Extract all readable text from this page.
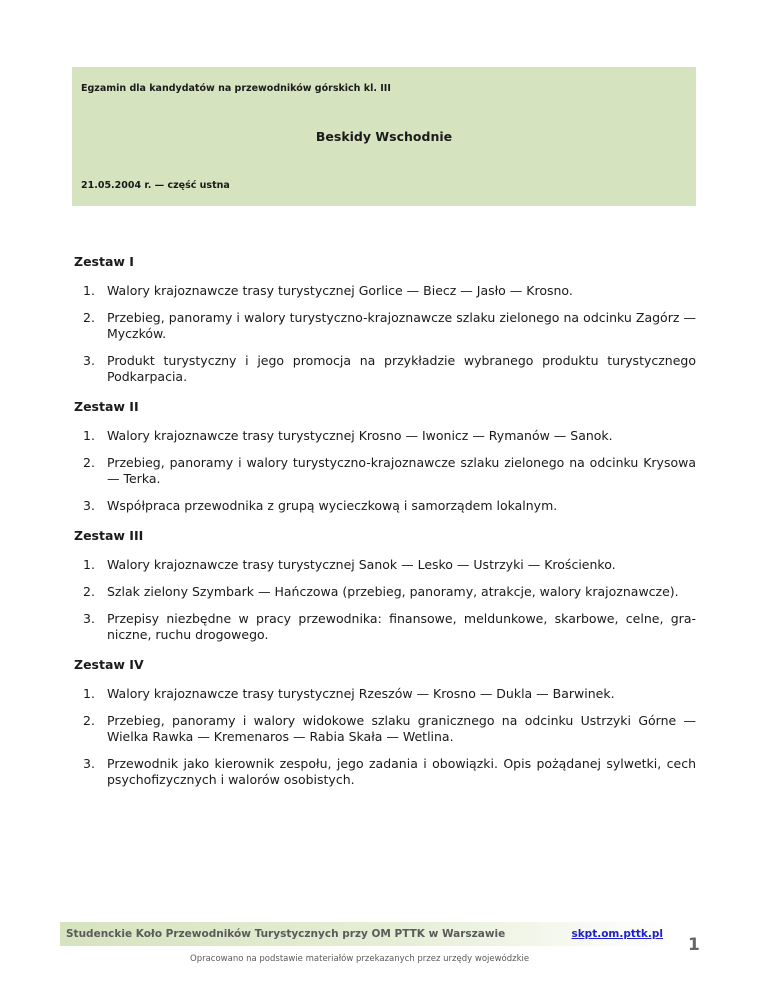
Egzamin dla kandydatów na przewodników górskich kl. III
Beskidy Wschodnie
21.05.2004 r. — część ustna
Zestaw I
1. Walory krajoznawcze trasy turystycznej Gorlice — Biecz — Jasło — Krosno.
2. Przebieg, panoramy i walory turystyczno-krajoznawcze szlaku zielonego na odcinku Zagórz — Myczków.
3. Produkt turystyczny i jego promocja na przykładzie wybranego produktu turystycznego Podkarpacia.
Zestaw II
1. Walory krajoznawcze trasy turystycznej Krosno — Iwonicz — Rymanów — Sanok.
2. Przebieg, panoramy i walory turystyczno-krajoznawcze szlaku zielonego na odcinku Krysowa — Terka.
3. Współpraca przewodnika z grupą wycieczkową i samorządem lokalnym.
Zestaw III
1. Walory krajoznawcze trasy turystycznej Sanok — Lesko — Ustrzyki — Krościenko.
2. Szlak zielony Szymbark — Hańczowa (przebieg, panoramy, atrakcje, walory krajoznawcze).
3. Przepisy niezbędne w pracy przewodnika: finansowe, meldunkowe, skarbowe, celne, graniczne, ruchu drogowego.
Zestaw IV
1. Walory krajoznawcze trasy turystycznej Rzeszów — Krosno — Dukla — Barwinek.
2. Przebieg, panoramy i walory widokowe szlaku granicznego na odcinku Ustrzyki Górne — Wielka Rawka — Kremenaros — Rabia Skała — Wetlina.
3. Przewodnik jako kierownik zespołu, jego zadania i obowiązki. Opis pożądanej sylwetki, cech psychofizycznych i walorów osobistych.
Studenckie Koło Przewodników Turystycznych przy OM PTTK w Warszawie	skpt.om.pttk.pl
Opracowano na podstawie materiałów przekazanych przez urzędy wojewódzkie
1
